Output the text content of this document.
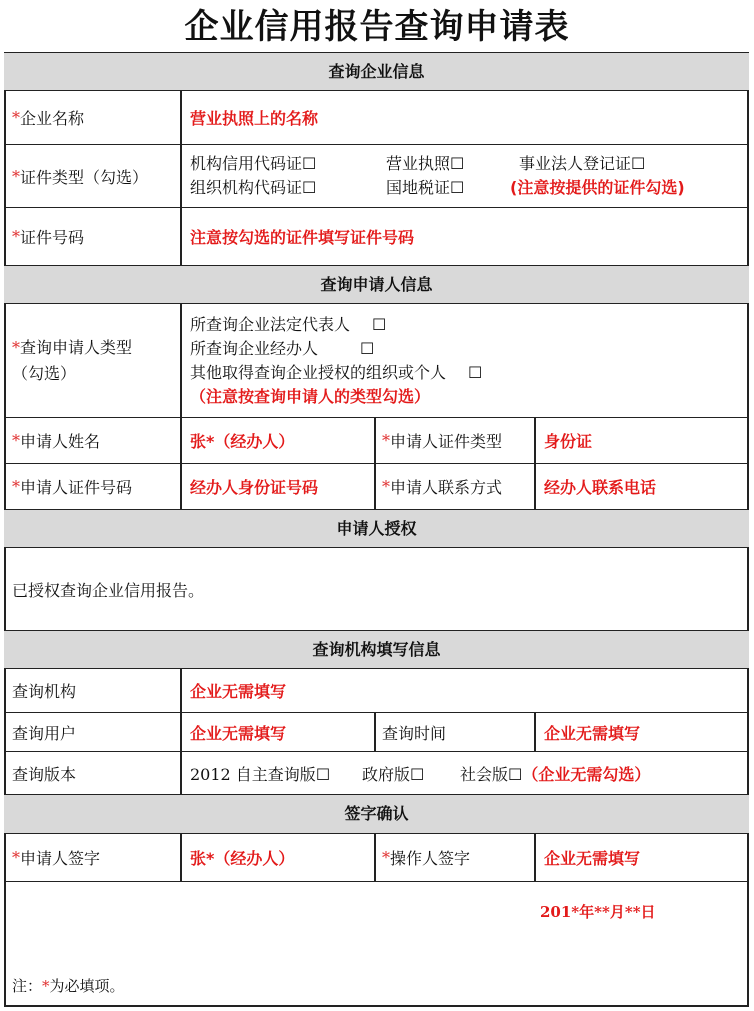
企业信用报告查询申请表
查询企业信息
* 企业名称	营业执照上的名称
* 证件类型（勾选）
机构信用代码证☐	营业执照☐	事业法人登记证☐
组织机构代码证☐	国地税证☐	(注意按提供的证件勾选)
* 证件号码	注意按勾选的证件填写证件号码
查询申请人信息
*查询申请人类型
（勾选）
所查询企业法定代表人 ☐
所查询企业经办人	☐
其他取得查询企业授权的组织或个人 ☐
（注意按查询申请人的类型勾选）
* 申请人姓名	张*（经办人）	* 申请人证件类型	身份证
* 申请人证件号码	经办人身份证号码	* 申请人联系方式	经办人联系电话
申请人授权
已授权查询企业信用报告。
查询机构填写信息
查询机构	企业无需填写
查询用户	企业无需填写	查询时间	企业无需填写
查询版本	2012 自主查询版☐	政府版☐	社会版☐ （企业无需勾选）
签字确认
* 申请人签字	张*（经办人）	* 操作人签字	企业无需填写
201*年**月**日
注：*为必填项。
